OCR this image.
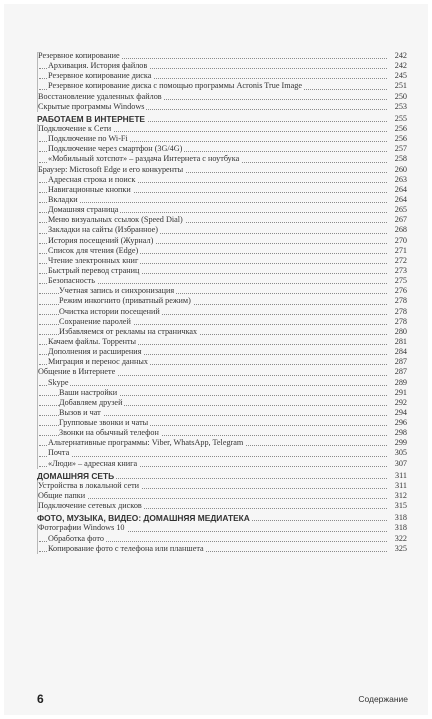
Резервное копирование	242
Архивация. История файлов	242
Резервное копирование диска	245
Резервное копирование диска с помощью программы Acronis True Image	251
Восстановление удаленных файлов	250
Скрытые программы Windows	253
РАБОТАЕМ В ИНТЕРНЕТЕ	255
Подключение к Сети	256
Подключение по Wi-Fi	256
Подключение через смартфон (3G/4G)	257
«Мобильный хотспот» – раздача Интернета с ноутбука	258
Браузер: Microsoft Edge и его конкуренты	260
Адресная строка и поиск	263
Навигационные кнопки	264
Вкладки	264
Домашняя страница	265
Меню визуальных ссылок (Speed Dial)	267
Закладки на сайты (Избранное)	268
История посещений (Журнал)	270
Список для чтения (Edge)	271
Чтение электронных книг	272
Быстрый перевод страниц	273
Безопасность	275
Учетная запись и синхронизация	276
Режим инкогнито (приватный режим)	278
Очистка истории посещений	278
Сохранение паролей	278
Избавляемся от рекламы на страничках	280
Качаем файлы. Торренты	281
Дополнения и расширения	284
Миграция и перенос данных	287
Общение в Интернете	287
Skype	289
Ваши настройки	291
Добавляем друзей	292
Вызов и чат	294
Групповые звонки и чаты	296
Звонки на обычный телефон	298
Альтернативные программы: Viber, WhatsApp, Telegram	299
Почта	305
«Люди» – адресная книга	307
ДОМАШНЯЯ СЕТЬ	311
Устройства в локальной сети	311
Общие папки	312
Подключение сетевых дисков	315
ФОТО, МУЗЫКА, ВИДЕО: ДОМАШНЯЯ МЕДИАТЕКА	318
Фотографии Windows 10	318
Обработка фото	322
Копирование фото с телефона или планшета	325
6	Содержание
